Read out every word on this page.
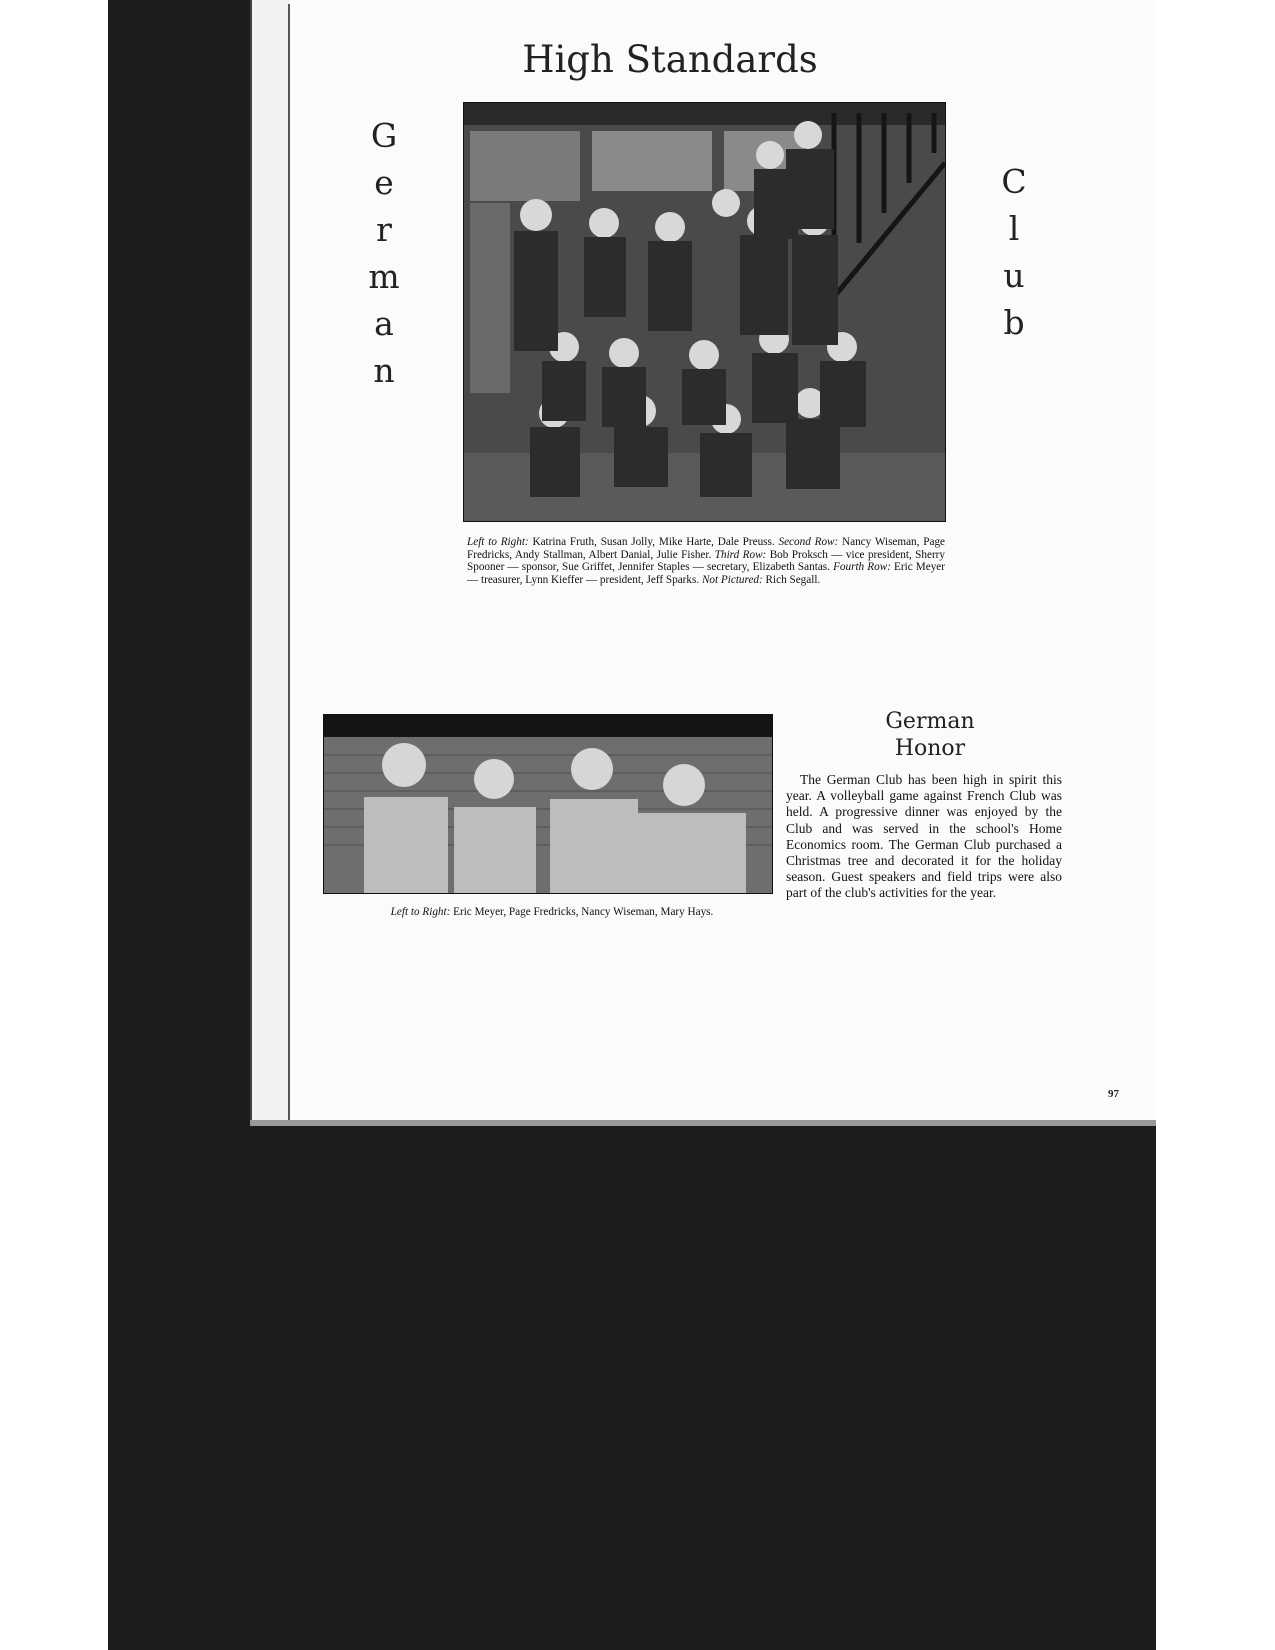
High Standards
G
e
r
m
a
n
C
l
u
b
Left to Right: Katrina Fruth, Susan Jolly, Mike Harte, Dale Preuss. Second Row: Nancy Wiseman, Page Fredricks, Andy Stallman, Albert Danial, Julie Fisher. Third Row: Bob Proksch — vice president, Sherry Spooner — sponsor, Sue Griffet, Jennifer Staples — secretary, Elizabeth Santas. Fourth Row: Eric Meyer — treasurer, Lynn Kieffer — president, Jeff Sparks. Not Pictured: Rich Segall.
Left to Right: Eric Meyer, Page Fredricks, Nancy Wiseman, Mary Hays.
German
Honor
The German Club has been high in spirit this year. A volleyball game against French Club was held. A progressive dinner was enjoyed by the Club and was served in the school's Home Economics room. The German Club purchased a Christmas tree and decorated it for the holiday season. Guest speakers and field trips were also part of the club's activities for the year.
97
